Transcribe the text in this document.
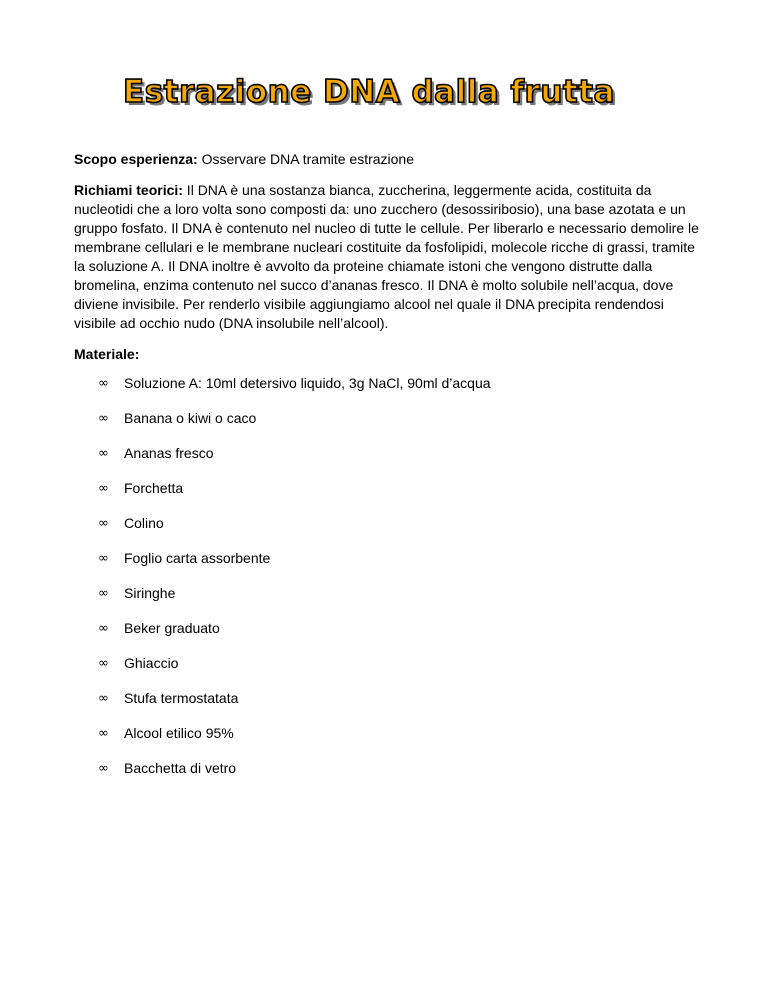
Estrazione DNA dalla frutta

Scopo esperienza: Osservare DNA tramite estrazione

Richiami teorici: Il DNA è una sostanza bianca, zuccherina, leggermente acida, costituita da nucleotidi che a loro volta sono composti da: uno zucchero (desossiribosio), una base azotata e un gruppo fosfato. Il DNA è contenuto nel nucleo di tutte le cellule. Per liberarlo e necessario demolire le membrane cellulari e le membrane nucleari costituite da fosfolipidi, molecole ricche di grassi, tramite la soluzione A. Il DNA inoltre è avvolto da proteine chiamate istoni che vengono distrutte dalla bromelina, enzima contenuto nel succo d’ananas fresco. Il DNA è molto solubile nell’acqua, dove diviene invisibile. Per renderlo visibile aggiungiamo alcool nel quale il DNA precipita rendendosi visibile ad occhio nudo (DNA insolubile nell’alcool).

Materiale:

∞ Soluzione A: 10ml detersivo liquido, 3g NaCl, 90ml d’acqua
∞ Banana o kiwi o caco
∞ Ananas fresco
∞ Forchetta
∞ Colino
∞ Foglio carta assorbente
∞ Siringhe
∞ Beker graduato
∞ Ghiaccio
∞ Stufa termostatata
∞ Alcool etilico 95%
∞ Bacchetta di vetro
